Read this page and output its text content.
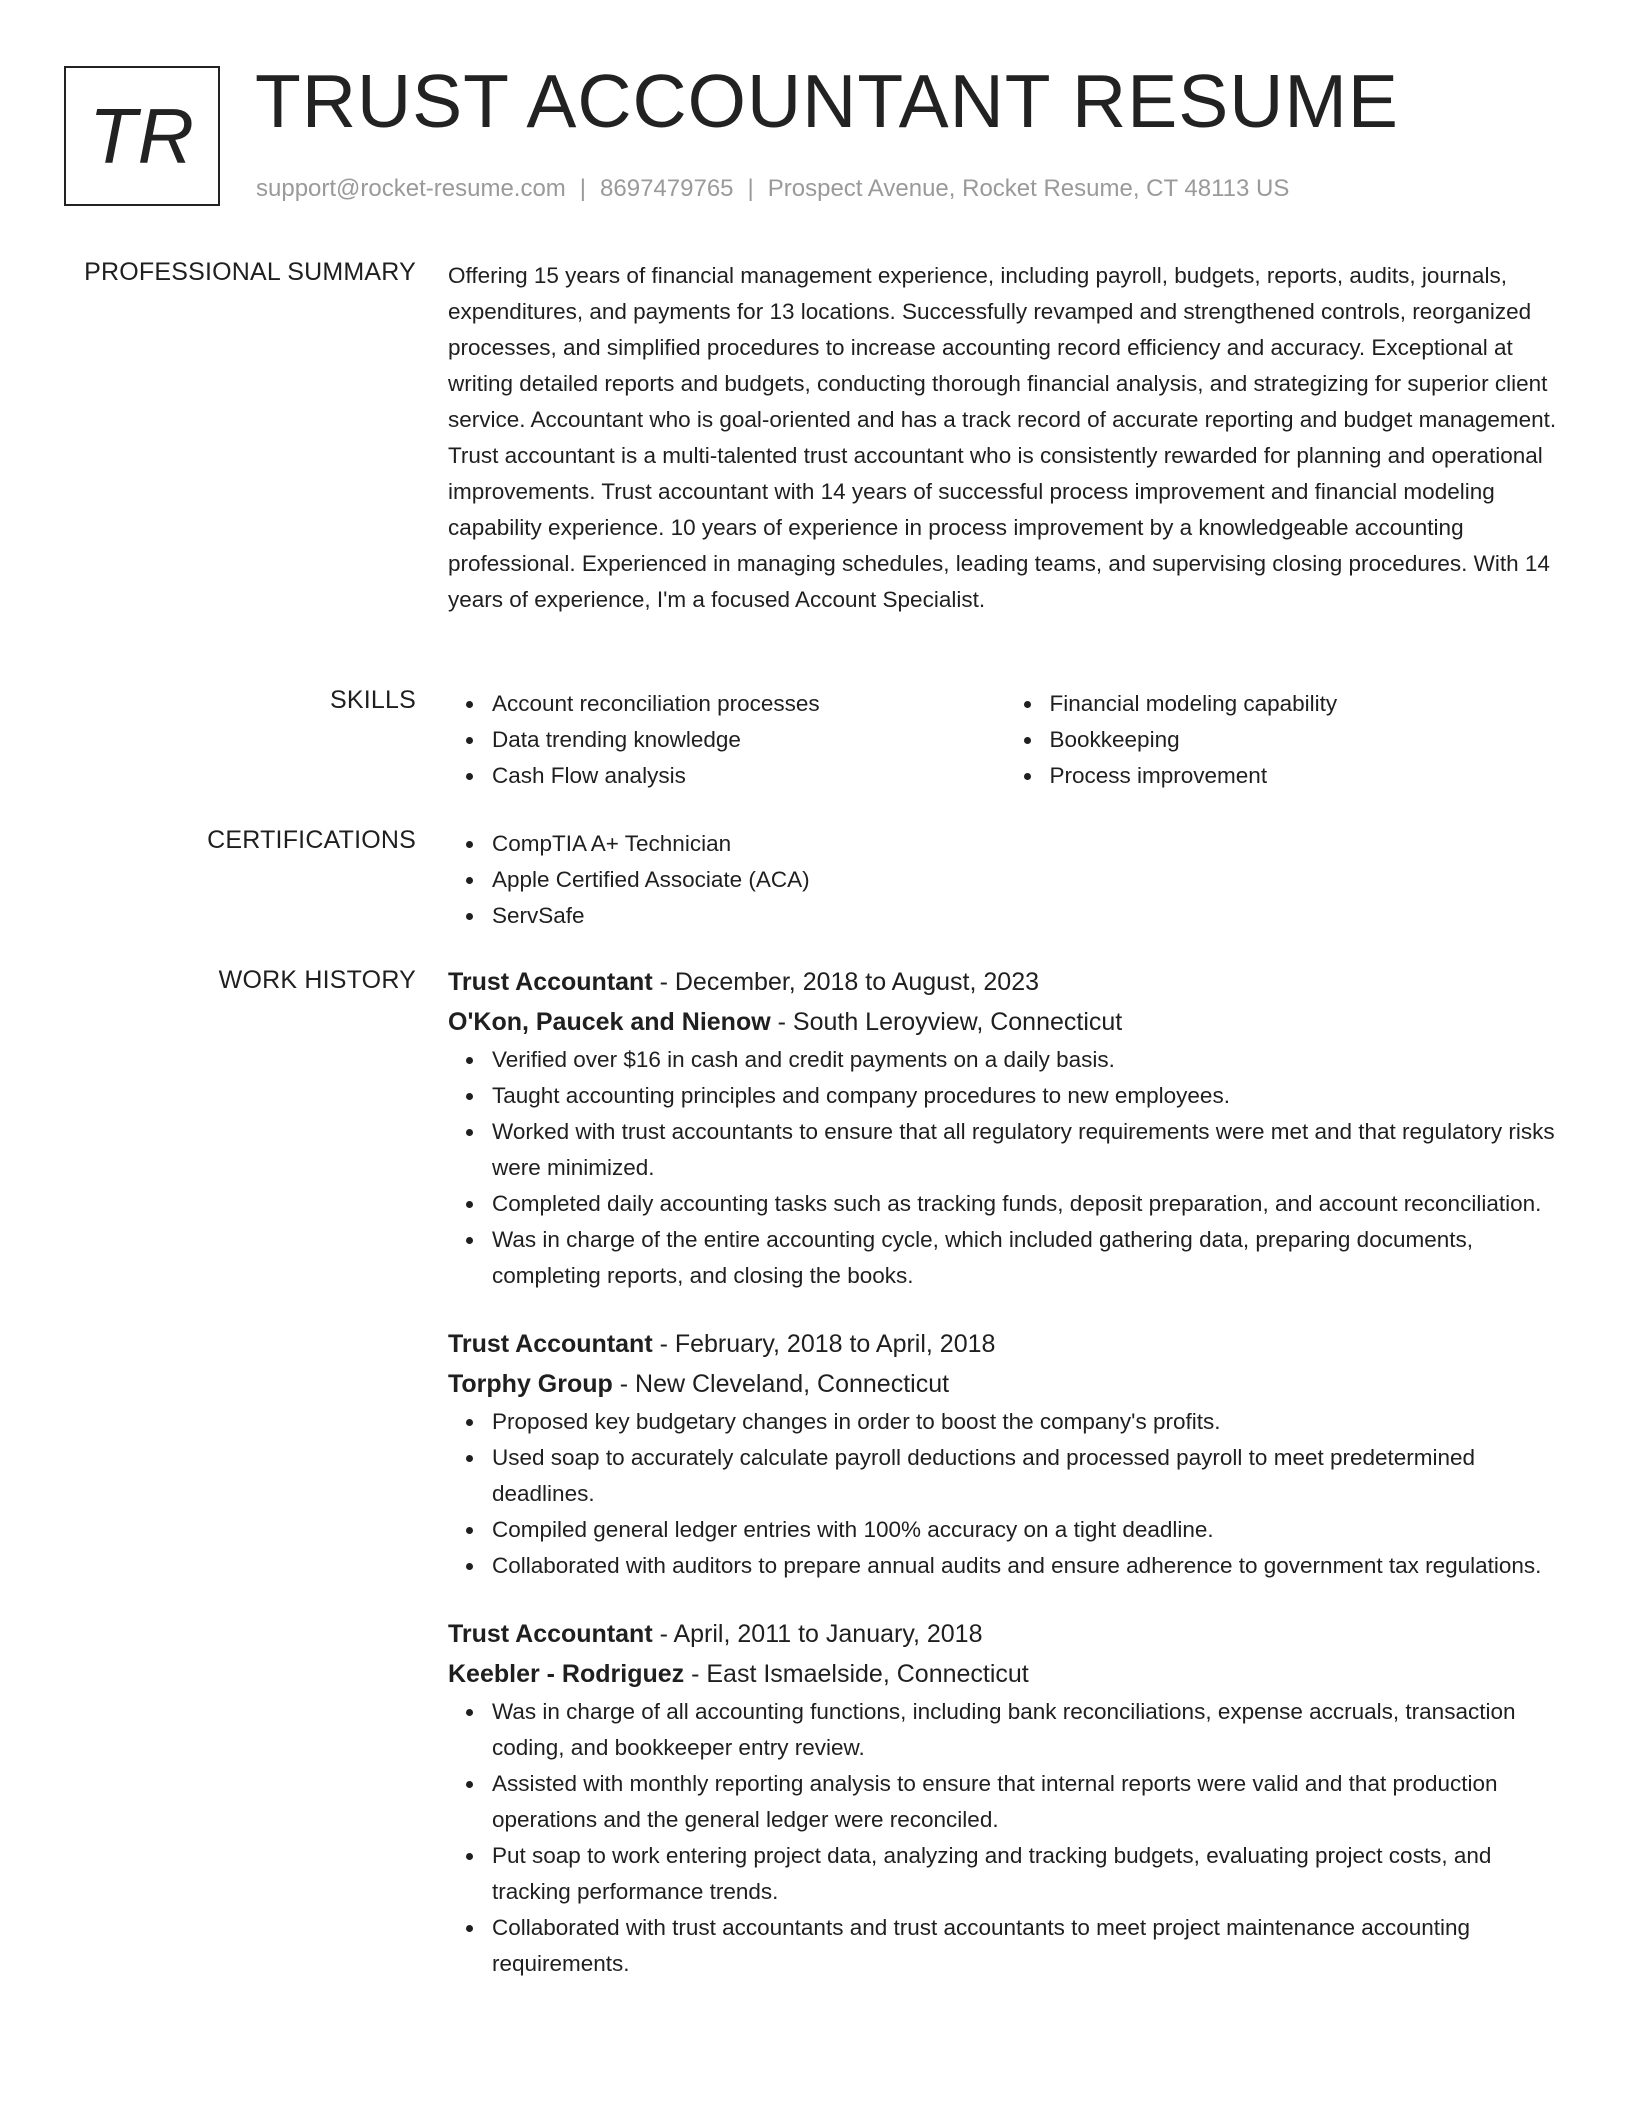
TR TRUST ACCOUNTANT RESUME
support@rocket-resume.com | 8697479765 | Prospect Avenue, Rocket Resume, CT 48113 US
PROFESSIONAL SUMMARY Offering 15 years of financial management experience, including payroll, budgets, reports, audits, journals, expenditures, and payments for 13 locations. Successfully revamped and strengthened controls, reorganized processes, and simplified procedures to increase accounting record efficiency and accuracy. Exceptional at writing detailed reports and budgets, conducting thorough financial analysis, and strategizing for superior client service. Accountant who is goal-oriented and has a track record of accurate reporting and budget management. Trust accountant is a multi-talented trust accountant who is consistently rewarded for planning and operational improvements. Trust accountant with 14 years of successful process improvement and financial modeling capability experience. 10 years of experience in process improvement by a knowledgeable accounting professional. Experienced in managing schedules, leading teams, and supervising closing procedures. With 14 years of experience, I'm a focused Account Specialist.

SKILLS	Account reconciliation processes
Data trending knowledge
Cash Flow analysis
Financial modeling capability
Bookkeeping
Process improvement
CERTIFICATIONS	CompTIA A+ Technician
Apple Certified Associate (ACA)
ServSafe
WORK HISTORY Trust Accountant - December, 2018 to August, 2023
O'Kon, Paucek and Nienow - South Leroyview, Connecticut
Verified over $16 in cash and credit payments on a daily basis.
Taught accounting principles and company procedures to new employees.
Worked with trust accountants to ensure that all regulatory requirements were met and that regulatory risks were minimized.
Completed daily accounting tasks such as tracking funds, deposit preparation, and account reconciliation.
Was in charge of the entire accounting cycle, which included gathering data, preparing documents, completing reports, and closing the books.
Trust Accountant - February, 2018 to April, 2018
Torphy Group - New Cleveland, Connecticut
Proposed key budgetary changes in order to boost the company's profits.
Used soap to accurately calculate payroll deductions and processed payroll to meet predetermined deadlines.
Compiled general ledger entries with 100% accuracy on a tight deadline.
Collaborated with auditors to prepare annual audits and ensure adherence to government tax regulations.
Trust Accountant - April, 2011 to January, 2018
Keebler - Rodriguez - East Ismaelside, Connecticut
Was in charge of all accounting functions, including bank reconciliations, expense accruals, transaction coding, and bookkeeper entry review.
Assisted with monthly reporting analysis to ensure that internal reports were valid and that production operations and the general ledger were reconciled.
Put soap to work entering project data, analyzing and tracking budgets, evaluating project costs, and tracking performance trends.
Collaborated with trust accountants and trust accountants to meet project maintenance accounting requirements.
